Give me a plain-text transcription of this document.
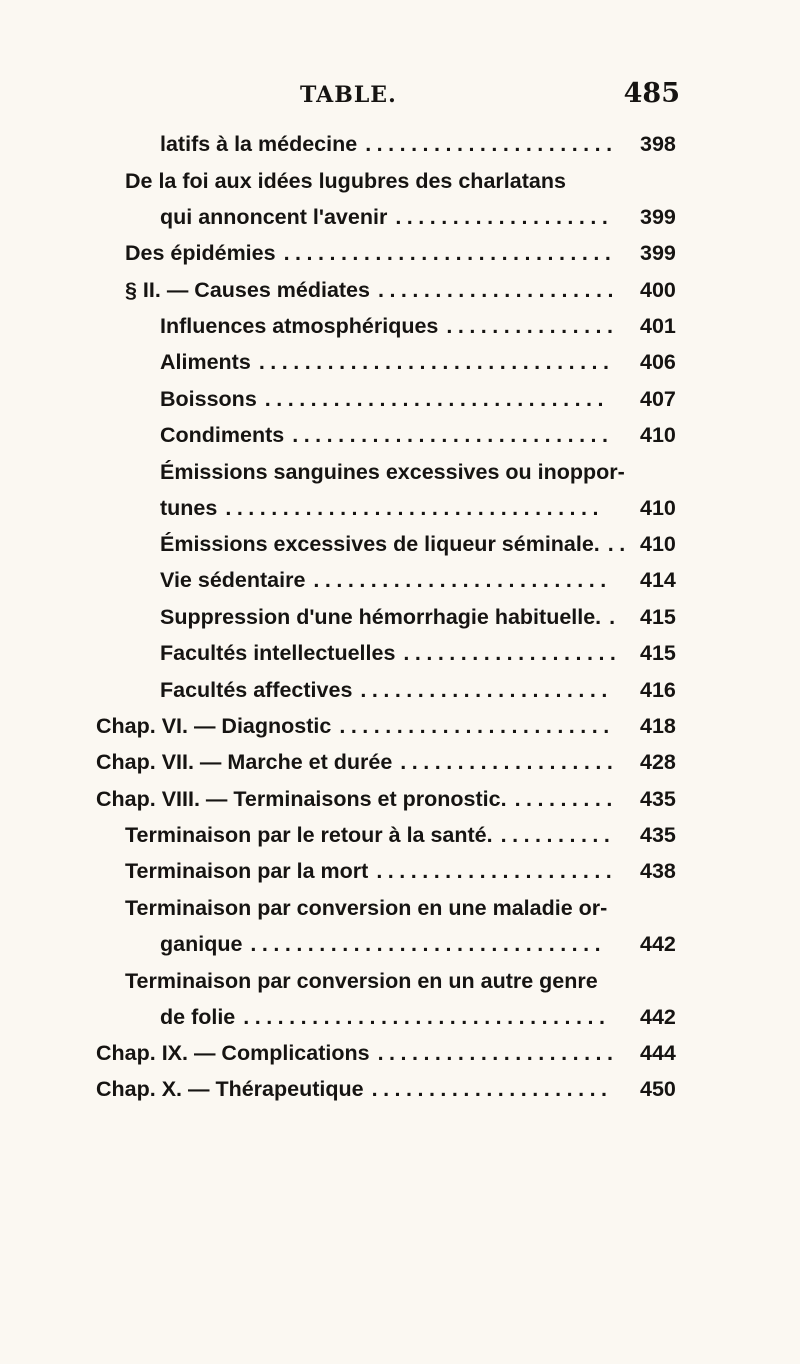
TABLE.	485
latifs à la médecine	398
......................
De la foi aux idées lugubres des charlatans
qui annoncent l'avenir	399
...................
Des épidémies	399
.............................
§ II. — Causes médiates	400
.....................
Influences atmosphériques	401
...............
Aliments	406
...............................
Boissons	407
..............................
Condiments	410
............................
Émissions sanguines excessives ou inoppor-
tunes	410
.................................
Émissions excessives de liqueur séminale. 410
..
Vie sédentaire	414
..........................
Suppression d'une hémorrhagie habituelle. 415
.
Facultés intellectuelles	415
...................
Facultés affectives	416
......................
Chap. VI. — Diagnostic	418
........................
Chap. VII. — Marche et durée	428
...................
Chap. VIII. — Terminaisons et pronostic.	435
.........
Terminaison par le retour à la santé.	435
..........
Terminaison par la mort	438
.....................
Terminaison par conversion en une maladie or-
ganique	442
...............................
Terminaison par conversion en un autre genre
de folie	442
................................
Chap. IX. — Complications	444
.....................
Chap. X. — Thérapeutique	450
.....................
